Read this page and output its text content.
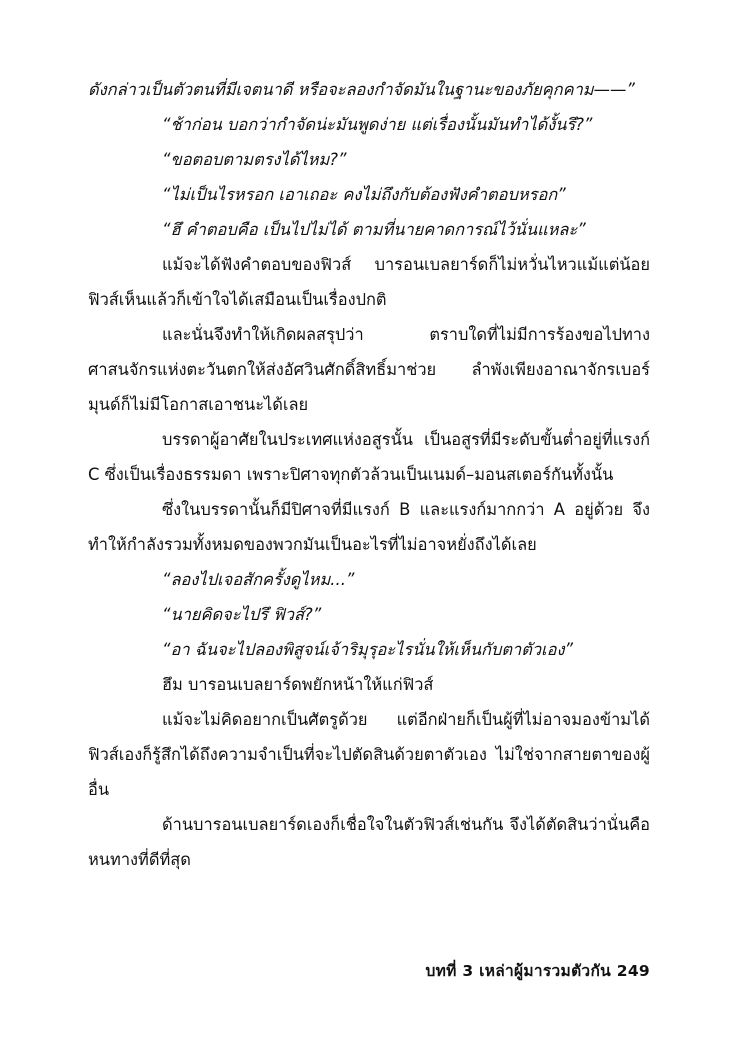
ดังกล่าวเป็นตัวตนที่มีเจตนาดี หรือจะลองกำจัดมันในฐานะของภัยคุกคาม——”

“ช้าก่อน บอกว่ากำจัดน่ะมันพูดง่าย แต่เรื่องนั้นมันทำได้งั้นรึ?”

“ขอตอบตามตรงได้ไหม?”

“ไม่เป็นไรหรอก เอาเถอะ คงไม่ถึงกับต้องฟังคำตอบหรอก”

“ฮึ คำตอบคือ เป็นไปไม่ได้ ตามที่นายคาดการณ์ไว้นั่นแหละ”

แม้จะได้ฟังคำตอบของฟิวส์ บารอนเบลยาร์ดก็ไม่หวั่นไหวแม้แต่น้อย ฟิวส์เห็นแล้วก็เข้าใจได้เสมือนเป็นเรื่องปกติ

และนั่นจึงทำให้เกิดผลสรุปว่า ตราบใดที่ไม่มีการร้องขอไปทางศาสนจักรแห่งตะวันตกให้ส่งอัศวินศักดิ์สิทธิ์มาช่วย ลำพังเพียงอาณาจักรเบอร์มุนด์ก็ไม่มีโอกาสเอาชนะได้เลย

บรรดาผู้อาศัยในประเทศแห่งอสูรนั้น เป็นอสูรที่มีระดับขั้นต่ำอยู่ที่แรงก์ C ซึ่งเป็นเรื่องธรรมดา เพราะปิศาจทุกตัวล้วนเป็นเนมด์–มอนสเตอร์กันทั้งนั้น

ซึ่งในบรรดานั้นก็มีปิศาจที่มีแรงก์ B และแรงก์มากกว่า A อยู่ด้วย จึงทำให้กำลังรวมทั้งหมดของพวกมันเป็นอะไรที่ไม่อาจหยั่งถึงได้เลย

“ลองไปเจอสักครั้งดูไหม...”

“นายคิดจะไปรึ ฟิวส์?”

“อา ฉันจะไปลองพิสูจน์เจ้าริมุรุอะไรนั่นให้เห็นกับตาตัวเอง”

ฮึม บารอนเบลยาร์ดพยักหน้าให้แก่ฟิวส์

แม้จะไม่คิดอยากเป็นศัตรูด้วย แต่อีกฝ่ายก็เป็นผู้ที่ไม่อาจมองข้ามได้ ฟิวส์เองก็รู้สึกได้ถึงความจำเป็นที่จะไปตัดสินด้วยตาตัวเอง ไม่ใช่จากสายตาของผู้อื่น

ด้านบารอนเบลยาร์ดเองก็เชื่อใจในตัวฟิวส์เช่นกัน จึงได้ตัดสินว่านั่นคือหนทางที่ดีที่สุด

บทที่ 3 เหล่าผู้มารวมตัวกัน 249
